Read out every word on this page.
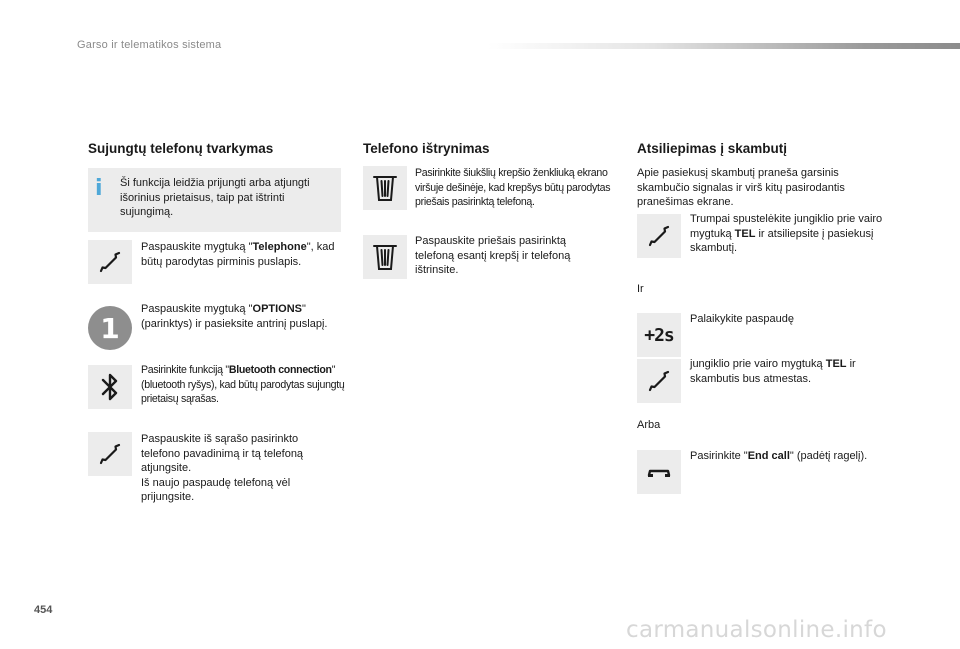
Garso ir telematikos sistema
Sujungtų telefonų tvarkymas
i Ši funkcija leidžia prijungti arba atjungti išorinius prietaisus, taip pat ištrinti sujungimą.
Paspauskite mygtuką "Telephone", kad būtų parodytas pirminis puslapis.
1
Paspauskite mygtuką "OPTIONS" (parinktys) ir pasieksite antrinį puslapį.
Pasirinkite funkciją "Bluetooth connection" (bluetooth ryšys), kad būtų parodytas sujungtų prietaisų sąrašas.
Paspauskite iš sąrašo pasirinkto telefono pavadinimą ir tą telefoną atjungsite.
Iš naujo paspaudę telefoną vėl prijungsite.
Telefono ištrynimas
Pasirinkite šiukšlių krepšio ženkliuką ekrano viršuje dešinėje, kad krepšys būtų parodytas priešais pasirinktą telefoną.
Paspauskite priešais pasirinktą telefoną esantį krepšį ir telefoną ištrinsite.
Atsiliepimas į skambutį
Apie pasiekusį skambutį praneša garsinis skambučio signalas ir virš kitų pasirodantis pranešimas ekrane.
Trumpai spustelėkite jungiklio prie vairo mygtuką TEL ir atsiliepsite į pasiekusį skambutį.
Ir
+2s
Palaikykite paspaudę
jungiklio prie vairo mygtuką TEL ir skambutis bus atmestas.
Arba
Pasirinkite "End call" (padėtį ragelį).
454
carmanualsonline.info
